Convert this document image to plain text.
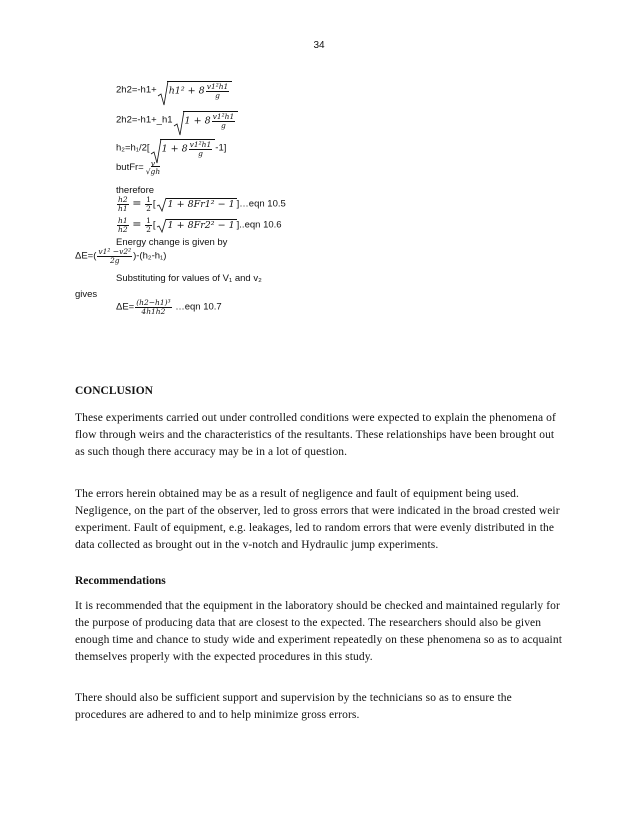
34
$2h2=-h1+ h1^2 + 8 \frac{\text{v1²h1}}{g}$
2h2=-h1+_h1 $1 + 8 \frac{\text{v1²h1}}{g}$
h₂=h₁/2[ $1 + 8 \frac{\text{v1²h1}}{g} -1$]
butFr= v
√gh
therefore
$\frac{h2}{h1} = \frac{1}{2}$ [ 1 + 8Fr1² − 1 ]…eqn 10.5
$\frac{h1}{h2} = \frac{1}{2}$ [ 1 + 8Fr2² − 1 ]..eqn 10.6
Energy change is given by
$\Delta E=( \frac{\text{v1² −v2²}}{2g} )-(h_2-h_1)$
Substituting for values of V₁ and v₂
gives
$\Delta E= \frac{\text{(h2−h1)³}}{4h1h2}$ …eqn 10.7
CONCLUSION

These experiments carried out under controlled conditions were expected to explain the phenomena of flow through weirs and the characteristics of the resultants. These relationships have been brought out as such though there accuracy may be in a lot of question.

The errors herein obtained may be as a result of negligence and fault of equipment being used. Negligence, on the part of the observer, led to gross errors that were indicated in the broad crested weir experiment. Fault of equipment, e.g. leakages, led to random errors that were evenly distributed in the data collected as brought out in the v-notch and Hydraulic jump experiments.

Recommendations

It is recommended that the equipment in the laboratory should be checked and maintained regularly for the purpose of producing data that are closest to the expected. The researchers should also be given enough time and chance to study wide and experiment repeatedly on these phenomena so as to acquaint themselves properly with the expected procedures in this study.

There should also be sufficient support and supervision by the technicians so as to ensure the procedures are adhered to and to help minimize gross errors.
